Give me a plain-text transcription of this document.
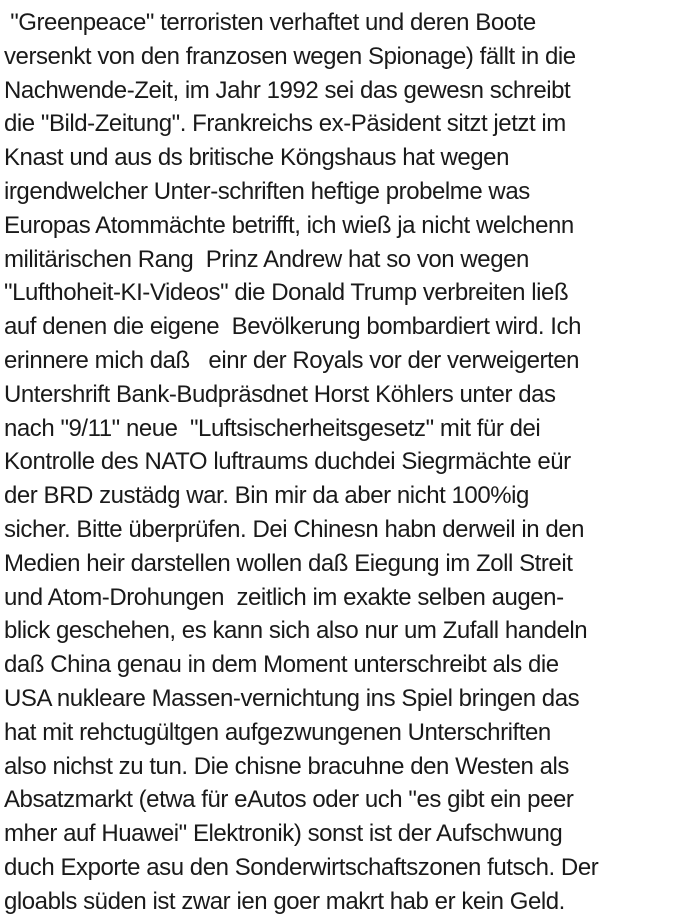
"Greenpeace" terroristen verhaftet und deren Boote
versenkt von den franzosen wegen Spionage) fällt in die
Nachwende-Zeit, im Jahr 1992 sei das gewesn schreibt
die "Bild-Zeitung". Frankreichs ex-Päsident sitzt jetzt im
Knast und aus ds britische Köngshaus hat wegen
irgendwelcher Unter-schriften heftige probelme was
Europas Atommächte betrifft, ich wieß ja nicht welchenn
militärischen Rang  Prinz Andrew hat so von wegen
"Lufthoheit-KI-Videos" die Donald Trump verbreiten ließ
auf denen die eigene  Bevölkerung bombardiert wird. Ich
erinnere mich daß   einr der Royals vor der verweigerten
Untershrift Bank-Budpräsdnet Horst Köhlers unter das
nach "9/11" neue  "Luftsischerheitsgesetz" mit für dei
Kontrolle des NATO luftraums duchdei Siegrmächte eür
der BRD zustädg war. Bin mir da aber nicht 100%ig
sicher. Bitte überprüfen. Dei Chinesn habn derweil in den
Medien heir darstellen wollen daß Eiegung im Zoll Streit
und Atom-Drohungen  zeitlich im exakte selben augen-
blick geschehen, es kann sich also nur um Zufall handeln
daß China genau in dem Moment unterschreibt als die
USA nukleare Massen-vernichtung ins Spiel bringen das
hat mit rehctugültgen aufgezwungenen Unterschriften
also nichst zu tun. Die chisne bracuhne den Westen als
Absatzmarkt (etwa für eAutos oder uch "es gibt ein peer
mher auf Huawei" Elektronik) sonst ist der Aufschwung
duch Exporte asu den Sonderwirtschaftszonen futsch. Der
gloabls süden ist zwar ien goer makrt hab er kein Geld.
